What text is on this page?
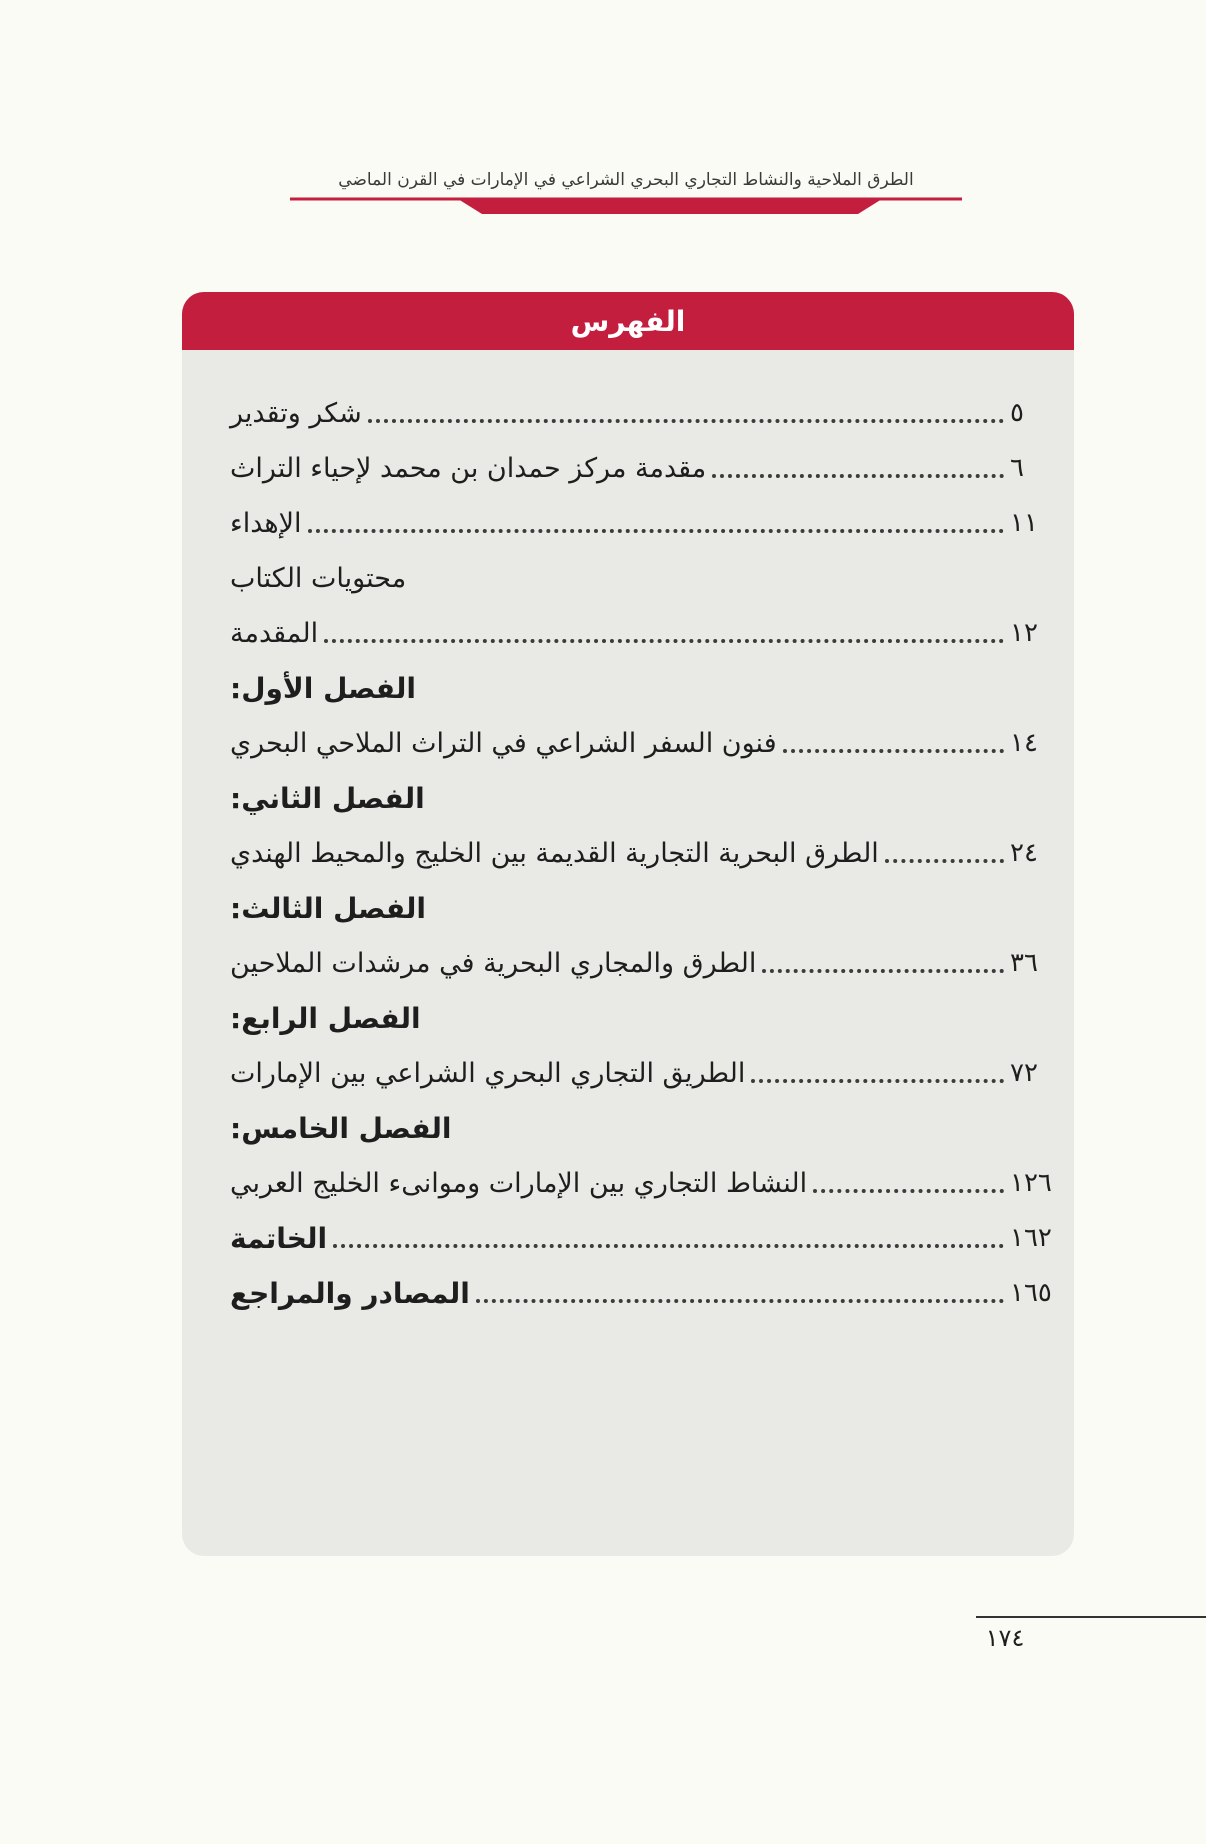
الطرق الملاحية والنشاط التجاري البحري الشراعي في الإمارات في القرن الماضي
الفهرس
شكر وتقدير	٥
مقدمة مركز حمدان بن محمد لإحياء التراث	٦
الإهداء	١١
محتويات الكتاب
المقدمة	١٢
الفصل الأول:
فنون السفر الشراعي في التراث الملاحي البحري	١٤
الفصل الثاني:
الطرق البحرية التجارية القديمة بين الخليج والمحيط الهندي	٢٤
الفصل الثالث:
الطرق والمجاري البحرية في مرشدات الملاحين	٣٦
الفصل الرابع:
الطريق التجاري البحري الشراعي بين الإمارات	٧٢
الفصل الخامس:
النشاط التجاري بين الإمارات وموانىء الخليج العربي	١٢٦
الخاتمة	١٦٢
المصادر والمراجع	١٦٥
١٧٤
